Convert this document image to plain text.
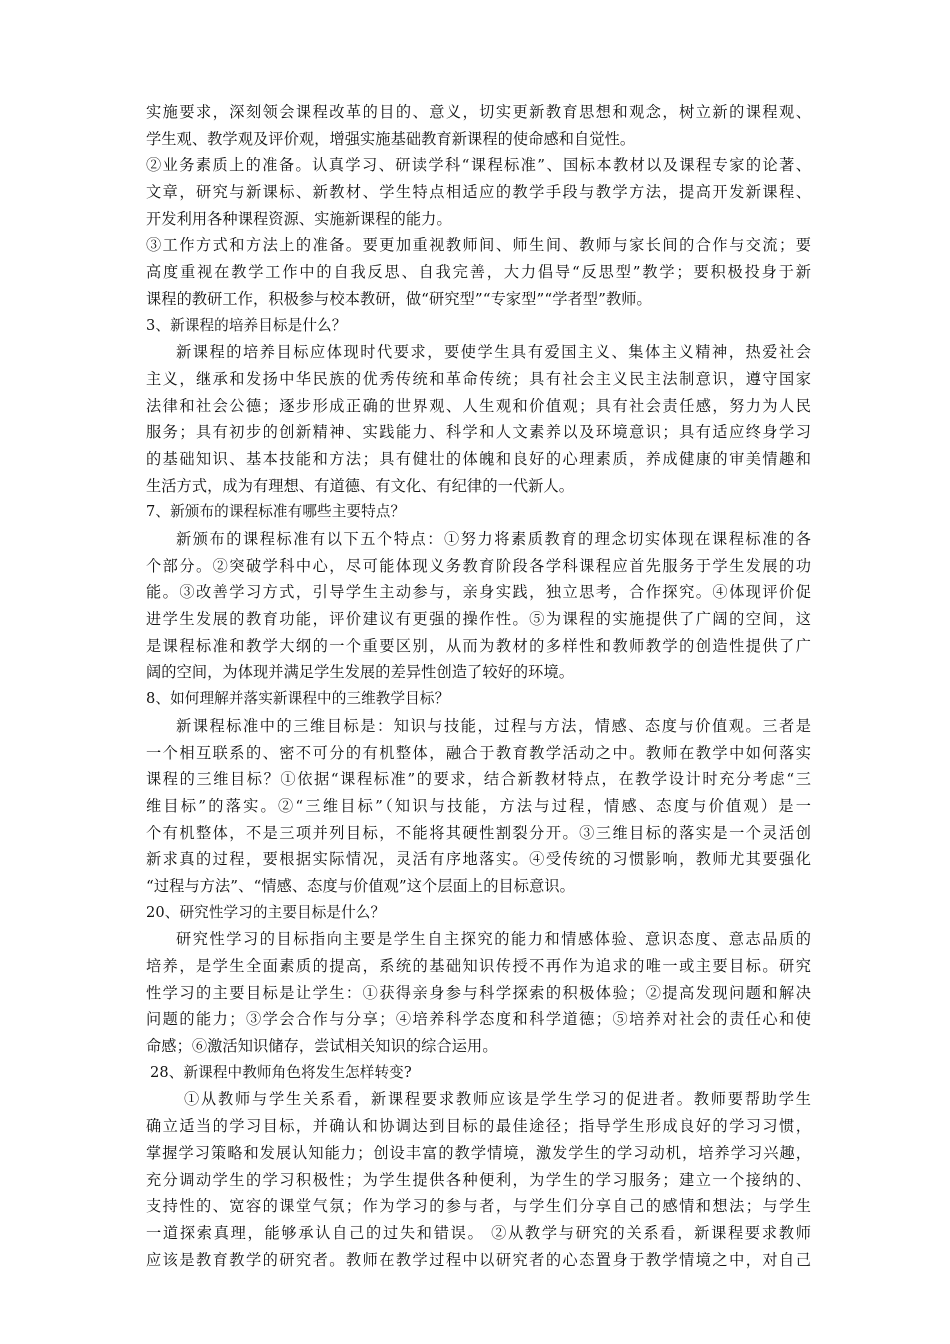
实施要求，深刻领会课程改革的目的、意义，切实更新教育思想和观念，树立新的课程观、
学生观、教学观及评价观，增强实施基础教育新课程的使命感和自觉性。
②业务素质上的准备。认真学习、研读学科“课程标准”、国标本教材以及课程专家的论著、
文章，研究与新课标、新教材、学生特点相适应的教学手段与教学方法，提高开发新课程、
开发利用各种课程资源、实施新课程的能力。
③工作方式和方法上的准备。要更加重视教师间、师生间、教师与家长间的合作与交流；要
高度重视在教学工作中的自我反思、自我完善，大力倡导“反思型”教学；要积极投身于新
课程的教研工作，积极参与校本教研，做“研究型”“专家型”“学者型”教师。
3、新课程的培养目标是什么？
新课程的培养目标应体现时代要求，要使学生具有爱国主义、集体主义精神，热爱社会
主义，继承和发扬中华民族的优秀传统和革命传统；具有社会主义民主法制意识，遵守国家
法律和社会公德；逐步形成正确的世界观、人生观和价值观；具有社会责任感，努力为人民
服务；具有初步的创新精神、实践能力、科学和人文素养以及环境意识；具有适应终身学习
的基础知识、基本技能和方法；具有健壮的体魄和良好的心理素质，养成健康的审美情趣和
生活方式，成为有理想、有道德、有文化、有纪律的一代新人。
7、新颁布的课程标准有哪些主要特点？
新颁布的课程标准有以下五个特点：①努力将素质教育的理念切实体现在课程标准的各
个部分。②突破学科中心，尽可能体现义务教育阶段各学科课程应首先服务于学生发展的功
能。③改善学习方式，引导学生主动参与，亲身实践，独立思考，合作探究。④体现评价促
进学生发展的教育功能，评价建议有更强的操作性。⑤为课程的实施提供了广阔的空间，这
是课程标准和教学大纲的一个重要区别，从而为教材的多样性和教师教学的创造性提供了广
阔的空间，为体现并满足学生发展的差异性创造了较好的环境。
8、如何理解并落实新课程中的三维教学目标？
新课程标准中的三维目标是：知识与技能，过程与方法，情感、态度与价值观。三者是
一个相互联系的、密不可分的有机整体，融合于教育教学活动之中。教师在教学中如何落实
课程的三维目标？①依据“课程标准”的要求，结合新教材特点，在教学设计时充分考虑“三
维目标”的落实。②“三维目标”（知识与技能，方法与过程，情感、态度与价值观）是一
个有机整体，不是三项并列目标，不能将其硬性割裂分开。③三维目标的落实是一个灵活创
新求真的过程，要根据实际情况，灵活有序地落实。④受传统的习惯影响，教师尤其要强化
“过程与方法”、“情感、态度与价值观”这个层面上的目标意识。
20、研究性学习的主要目标是什么？
研究性学习的目标指向主要是学生自主探究的能力和情感体验、意识态度、意志品质的
培养，是学生全面素质的提高，系统的基础知识传授不再作为追求的唯一或主要目标。研究
性学习的主要目标是让学生：①获得亲身参与科学探索的积极体验；②提高发现问题和解决
问题的能力；③学会合作与分享；④培养科学态度和科学道德；⑤培养对社会的责任心和使
命感；⑥激活知识储存，尝试相关知识的综合运用。
28、新课程中教师角色将发生怎样转变?
①从教师与学生关系看，新课程要求教师应该是学生学习的促进者。教师要帮助学生
确立适当的学习目标，并确认和协调达到目标的最佳途径；指导学生形成良好的学习习惯，
掌握学习策略和发展认知能力；创设丰富的教学情境，激发学生的学习动机，培养学习兴趣，
充分调动学生的学习积极性；为学生提供各种便利，为学生的学习服务；建立一个接纳的、
支持性的、宽容的课堂气氛；作为学习的参与者，与学生们分享自己的感情和想法；与学生
一道探索真理，能够承认自己的过失和错误。 ②从教学与研究的关系看，新课程要求教师
应该是教育教学的研究者。教师在教学过程中以研究者的心态置身于教学情境之中，对自己
